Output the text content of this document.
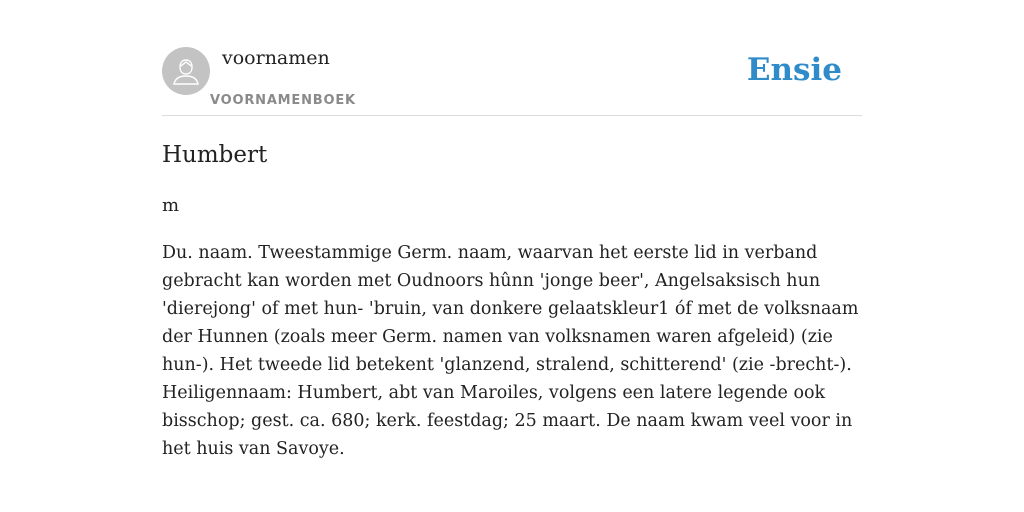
voornamen
VOORNAMENBOEK
Ensie
Humbert

m

Du. naam. Tweestammige Germ. naam, waarvan het eerste lid in verband gebracht kan worden met Oudnoors hûnn 'jonge beer', Angelsaksisch hun 'dierejong' of met hun- 'bruin, van donkere gelaatskleur1 óf met de volksnaam der Hunnen (zoals meer Germ. namen van volksnamen waren afgeleid) (zie hun-). Het tweede lid betekent 'glanzend, stralend, schitterend' (zie -brecht-). Heiligennaam: Humbert, abt van Maroiles, volgens een latere legende ook bisschop; gest. ca. 680; kerk. feestdag; 25 maart. De naam kwam veel voor in het huis van Savoye.
